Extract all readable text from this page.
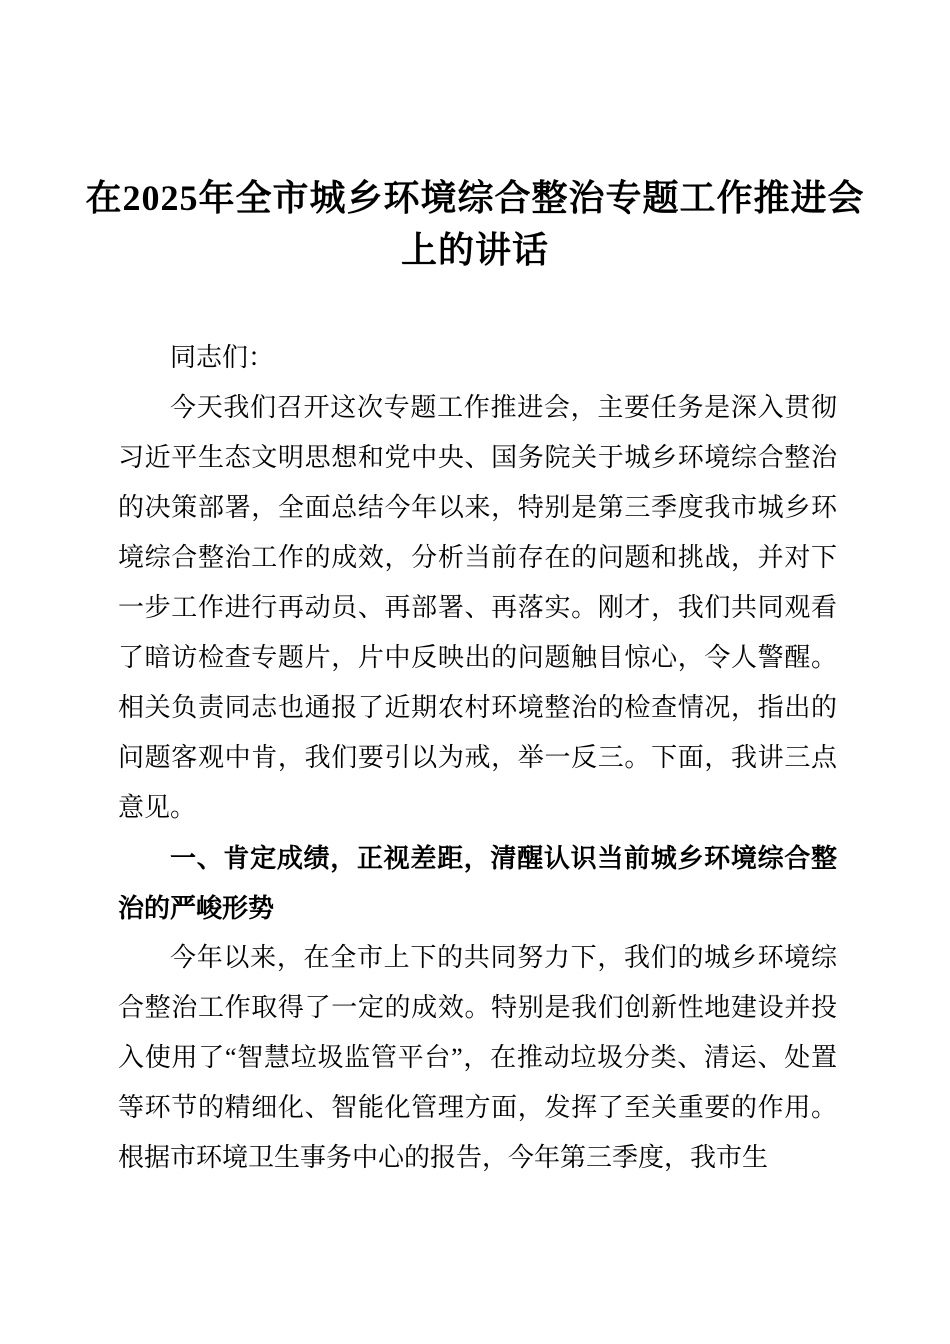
在2025年全市城乡环境综合整治专题工作推进会上的讲话

同志们：

今天我们召开这次专题工作推进会，主要任务是深入贯彻习近平生态文明思想和党中央、国务院关于城乡环境综合整治的决策部署，全面总结今年以来，特别是第三季度我市城乡环境综合整治工作的成效，分析当前存在的问题和挑战，并对下一步工作进行再动员、再部署、再落实。刚才，我们共同观看了暗访检查专题片，片中反映出的问题触目惊心，令人警醒。相关负责同志也通报了近期农村环境整治的检查情况，指出的问题客观中肯，我们要引以为戒，举一反三。下面，我讲三点意见。

一、肯定成绩，正视差距，清醒认识当前城乡环境综合整治的严峻形势

今年以来，在全市上下的共同努力下，我们的城乡环境综合整治工作取得了一定的成效。特别是我们创新性地建设并投入使用了“智慧垃圾监管平台”，在推动垃圾分类、清运、处置等环节的精细化、智能化管理方面，发挥了至关重要的作用。根据市环境卫生事务中心的报告，今年第三季度，我市生
